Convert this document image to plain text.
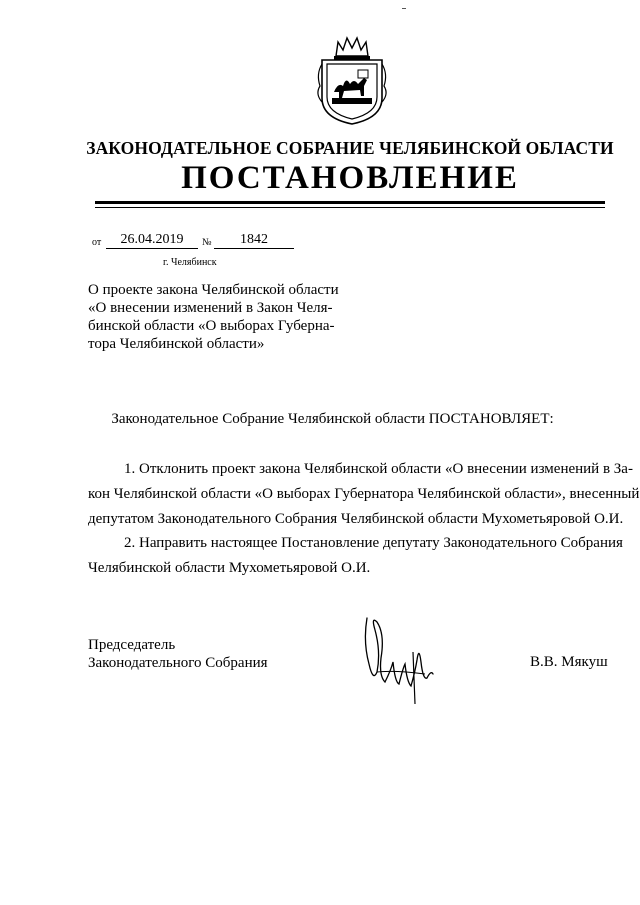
ЗАКОНОДАТЕЛЬНОЕ СОБРАНИЕ ЧЕЛЯБИНСКОЙ ОБЛАСТИ
ПОСТАНОВЛЕНИЕ
от	26.04.2019	№	1842
г. Челябинск
О проекте закона Челябинской области
«О внесении изменений в Закон Челя-
бинской области «О выборах Губерна-
тора Челябинской области»
Законодательное Собрание Челябинской области ПОСТАНОВЛЯЕТ:
1. Отклонить проект закона Челябинской области «О внесении изменений в За-
кон Челябинской области «О выборах Губернатора Челябинской области», внесенный
депутатом Законодательного Собрания Челябинской области Мухометьяровой О.И.
2. Направить настоящее Постановление депутату Законодательного Собрания
Челябинской области Мухометьяровой О.И.
Председатель
Законодательного Собрания	В.В. Мякуш
